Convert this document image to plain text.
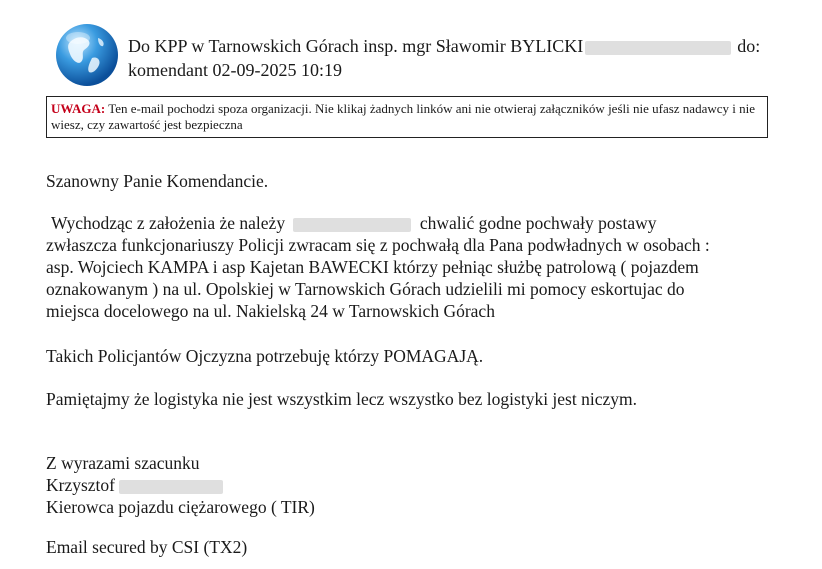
Do KPP w Tarnowskich Górach insp. mgr Sławomir BYLICKI	do:
komendant 02-09-2025 10:19
UWAGA: Ten e-mail pochodzi spoza organizacji. Nie klikaj żadnych linków ani nie otwieraj załączników jeśli nie ufasz nadawcy i nie wiesz, czy zawartość jest bezpieczna

Szanowny Panie Komendancie.

Wychodząc z założenia że należy	chwalić godne pochwały postawy
zwłaszcza funkcjonariuszy Policji zwracam się z pochwałą dla Pana podwładnych w osobach :
asp. Wojciech KAMPA i asp Kajetan BAWECKI którzy pełniąc służbę patrolową ( pojazdem
oznakowanym ) na ul. Opolskiej w Tarnowskich Górach udzielili mi pomocy eskortujac do
miejsca docelowego na ul. Nakielską 24 w Tarnowskich Górach

Takich Policjantów Ojczyzna potrzebuję którzy POMAGAJĄ.

Pamiętajmy że logistyka nie jest wszystkim lecz wszystko bez logistyki jest niczym.

Z wyrazami szacunku

Krzysztof

Kierowca pojazdu ciężarowego ( TIR)

Email secured by CSI (TX2)
